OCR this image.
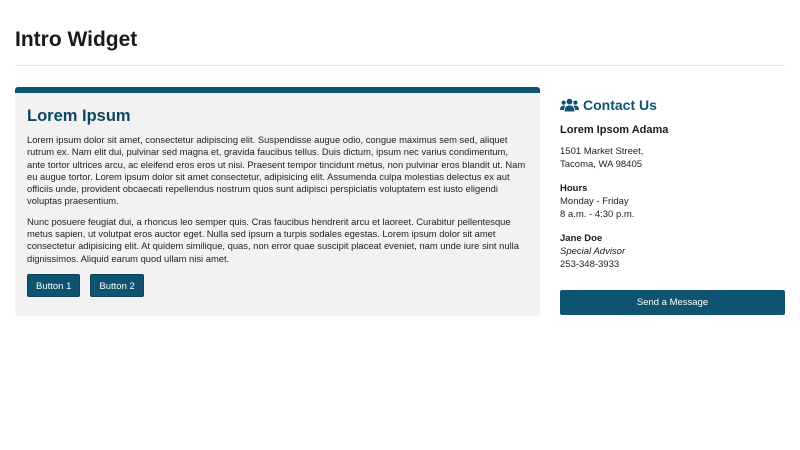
Intro Widget
Lorem Ipsum

Lorem ipsum dolor sit amet, consectetur adipiscing elit. Suspendisse augue odio, congue maximus sem sed, aliquet rutrum ex. Nam elit dui, pulvinar sed magna et, gravida faucibus tellus. Duis dictum, ipsum nec varius condimentum, ante tortor ultrices arcu, ac eleifend eros eros ut nisi. Praesent tempor tincidunt metus, non pulvinar eros blandit ut. Nam eu augue tortor. Lorem ipsum dolor sit amet consectetur, adipisicing elit. Assumenda culpa molestias delectus ex aut officiis unde, provident obcaecati repellendus nostrum quos sunt adipisci perspiciatis voluptatem est iusto eligendi voluptas praesentium.

Nunc posuere feugiat dui, a rhoncus leo semper quis. Cras faucibus hendrerit arcu et laoreet. Curabitur pellentesque metus sapien, ut volutpat eros auctor eget. Nulla sed ipsum a turpis sodales egestas. Lorem ipsum dolor sit amet consectetur adipisicing elit. At quidem similique, quas, non error quae suscipit placeat eveniet, nam unde iure sint nulla dignissimos. Aliquid earum quod ullam nisi amet.

Button 1	Button 2
Contact Us
Lorem Ipsom Adama
1501 Market Street,
Tacoma, WA 98405
Hours
Monday - Friday
8 a.m. - 4:30 p.m.
Jane Doe
Special Advisor
253-348-3933
Send a Message
